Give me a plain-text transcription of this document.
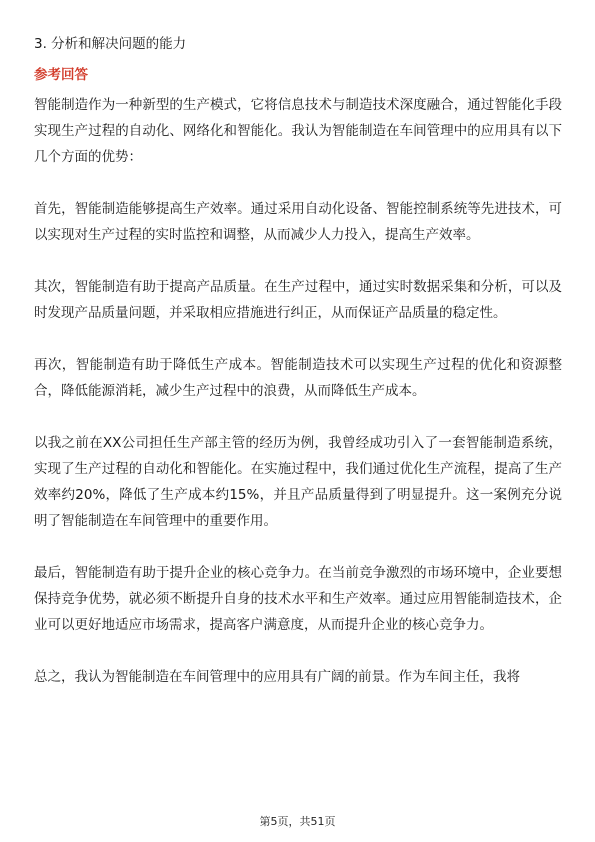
3. 分析和解决问题的能力
参考回答

智能制造作为一种新型的生产模式，它将信息技术与制造技术深度融合，通过智能化手段实现生产过程的自动化、网络化和智能化。我认为智能制造在车间管理中的应用具有以下几个方面的优势：

首先，智能制造能够提高生产效率。通过采用自动化设备、智能控制系统等先进技术，可以实现对生产过程的实时监控和调整，从而减少人力投入，提高生产效率。

其次，智能制造有助于提高产品质量。在生产过程中，通过实时数据采集和分析，可以及时发现产品质量问题，并采取相应措施进行纠正，从而保证产品质量的稳定性。

再次，智能制造有助于降低生产成本。智能制造技术可以实现生产过程的优化和资源整合，降低能源消耗，减少生产过程中的浪费，从而降低生产成本。

以我之前在XX公司担任生产部主管的经历为例，我曾经成功引入了一套智能制造系统，实现了生产过程的自动化和智能化。在实施过程中，我们通过优化生产流程，提高了生产效率约20%，降低了生产成本约15%，并且产品质量得到了明显提升。这一案例充分说明了智能制造在车间管理中的重要作用。

最后，智能制造有助于提升企业的核心竞争力。在当前竞争激烈的市场环境中，企业要想保持竞争优势，就必须不断提升自身的技术水平和生产效率。通过应用智能制造技术，企业可以更好地适应市场需求，提高客户满意度，从而提升企业的核心竞争力。

总之，我认为智能制造在车间管理中的应用具有广阔的前景。作为车间主任，我将

第5页，共51页
